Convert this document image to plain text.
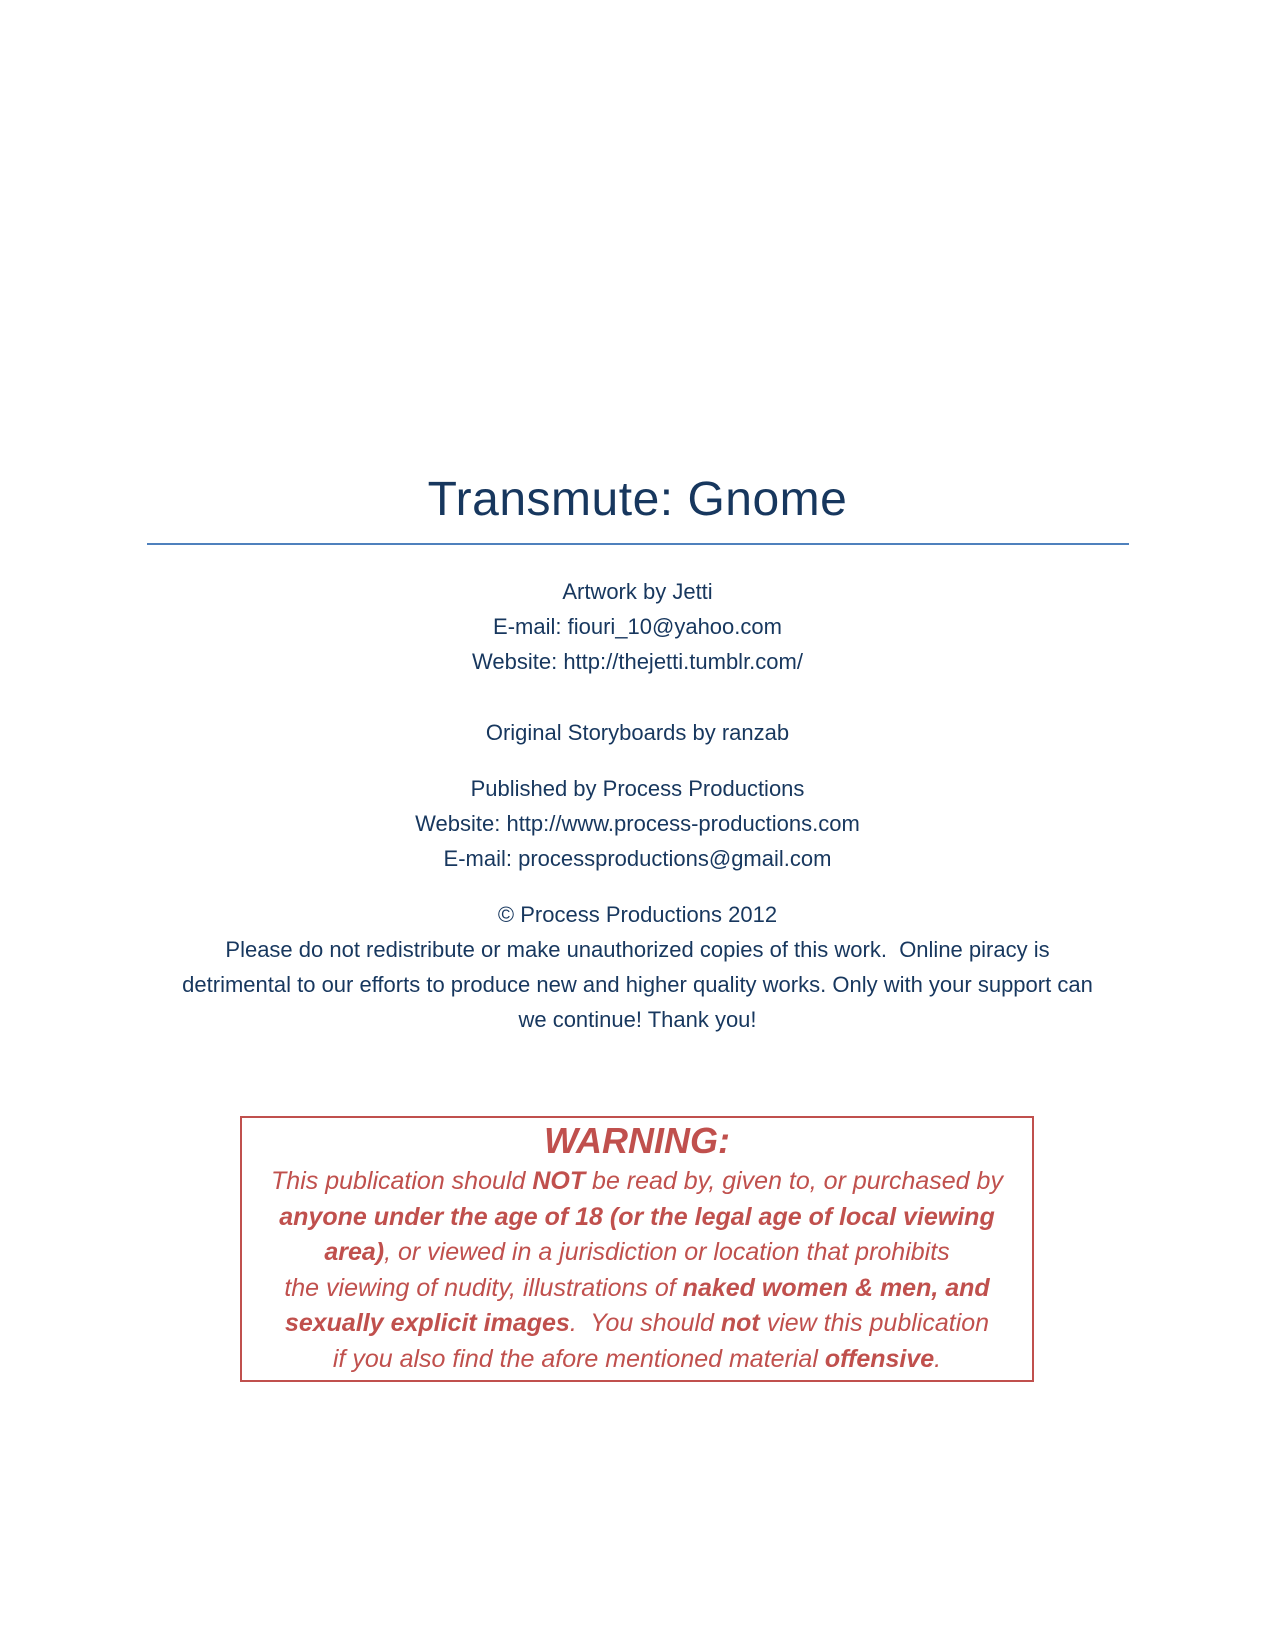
Transmute: Gnome

Artwork by Jetti

E-mail: fiouri_10@yahoo.com

Website: http://thejetti.tumblr.com/

Original Storyboards by ranzab

Published by Process Productions

Website: http://www.process-productions.com

E-mail: processproductions@gmail.com

© Process Productions 2012

Please do not redistribute or make unauthorized copies of this work.  Online piracy is

detrimental to our efforts to produce new and higher quality works. Only with your support can

we continue! Thank you!

WARNING:
This publication should NOT be read by, given to, or purchased by
anyone under the age of 18 (or the legal age of local viewing
area), or viewed in a jurisdiction or location that prohibits
the viewing of nudity, illustrations of naked women & men, and
sexually explicit images.  You should not view this publication
if you also find the afore mentioned material offensive.
